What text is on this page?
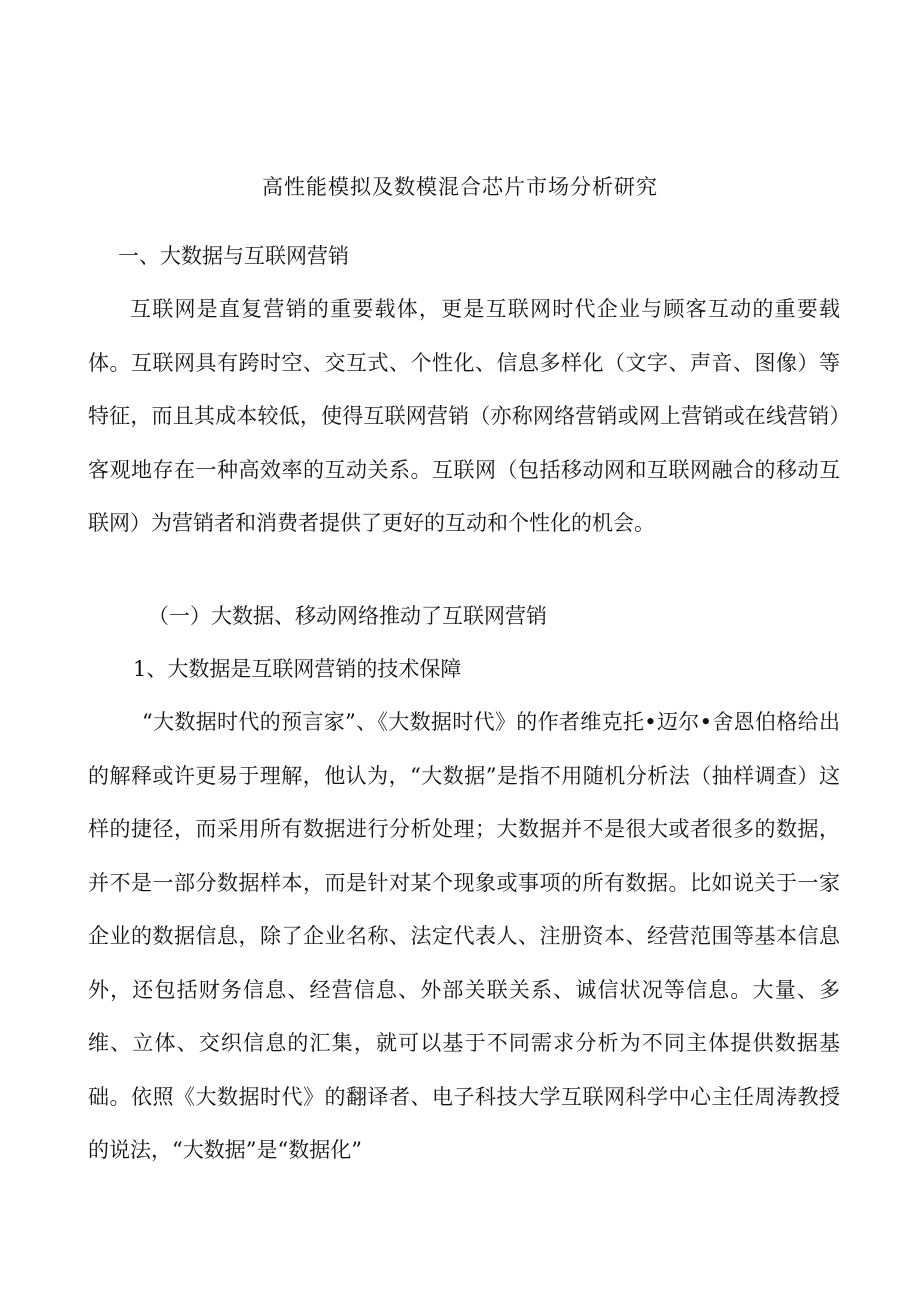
高性能模拟及数模混合芯片市场分析研究
一、大数据与互联网营销

互联网是直复营销的重要载体，更是互联网时代企业与顾客互动的重要载体。互联网具有跨时空、交互式、个性化、信息多样化（文字、声音、图像）等特征，而且其成本较低，使得互联网营销（亦称网络营销或网上营销或在线营销）客观地存在一种高效率的互动关系。互联网（包括移动网和互联网融合的移动互联网）为营销者和消费者提供了更好的互动和个性化的机会。

（一）大数据、移动网络推动了互联网营销
1、大数据是互联网营销的技术保障

“大数据时代的预言家”、《大数据时代》的作者维克托•迈尔•舍恩伯格给出的解释或许更易于理解，他认为，“大数据”是指不用随机分析法（抽样调查）这样的捷径，而采用所有数据进行分析处理；大数据并不是很大或者很多的数据，并不是一部分数据样本，而是针对某个现象或事项的所有数据。比如说关于一家企业的数据信息，除了企业名称、法定代表人、注册资本、经营范围等基本信息外，还包括财务信息、经营信息、外部关联关系、诚信状况等信息。大量、多维、立体、交织信息的汇集，就可以基于不同需求分析为不同主体提供数据基础。依照《大数据时代》的翻译者、电子科技大学互联网科学中心主任周涛教授的说法，“大数据”是“数据化”
